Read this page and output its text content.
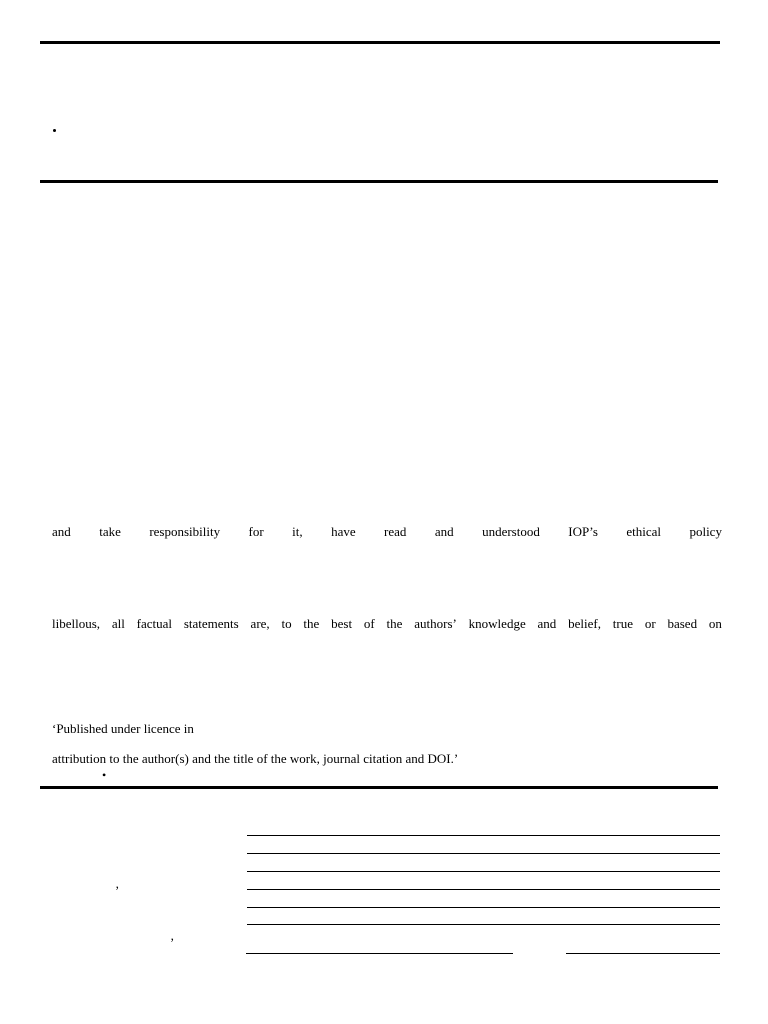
and take responsibility for it, have read and understood IOP’s ethical policy
libellous, all factual statements are, to the best of the authors’ knowledge and belief, true or based on
‘Published under licence in
attribution to the author(s) and the title of the work, journal citation and DOI.’
•
’
’
